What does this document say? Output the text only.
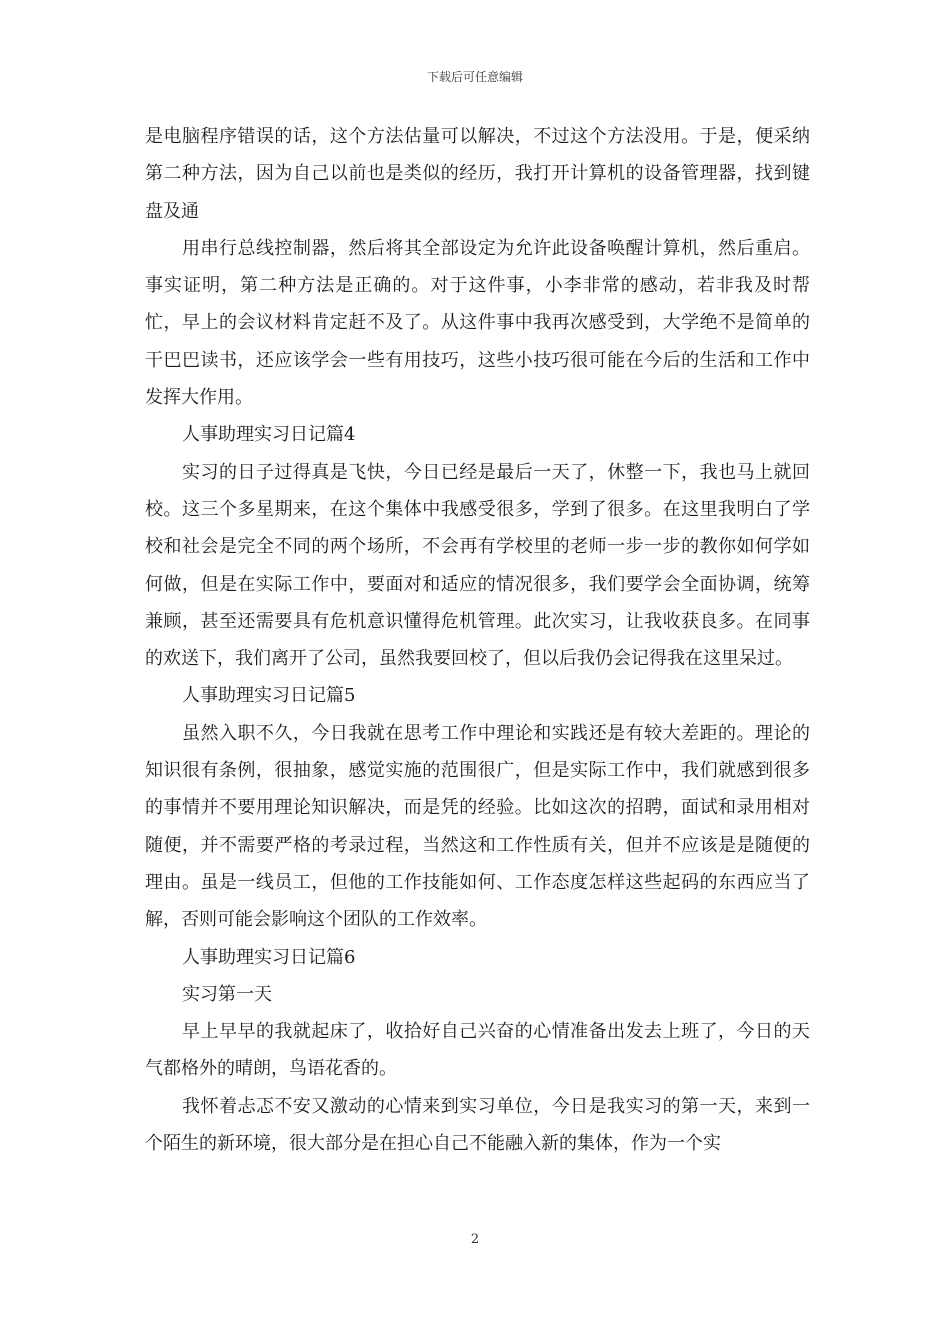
下载后可任意编辑

是电脑程序错误的话，这个方法估量可以解决，不过这个方法没用。于是，便采纳第二种方法，因为自己以前也是类似的经历，我打开计算机的设备管理器，找到键盘及通

用串行总线控制器，然后将其全部设定为允许此设备唤醒计算机，然后重启。事实证明，第二种方法是正确的。对于这件事，小李非常的感动，若非我及时帮忙，早上的会议材料肯定赶不及了。从这件事中我再次感受到，大学绝不是简单的干巴巴读书，还应该学会一些有用技巧，这些小技巧很可能在今后的生活和工作中发挥大作用。

人事助理实习日记篇4

实习的日子过得真是飞快，今日已经是最后一天了，休整一下，我也马上就回校。这三个多星期来，在这个集体中我感受很多，学到了很多。在这里我明白了学校和社会是完全不同的两个场所，不会再有学校里的老师一步一步的教你如何学如何做，但是在实际工作中，要面对和适应的情况很多，我们要学会全面协调，统筹兼顾，甚至还需要具有危机意识懂得危机管理。此次实习，让我收获良多。在同事的欢送下，我们离开了公司，虽然我要回校了，但以后我仍会记得我在这里呆过。

人事助理实习日记篇5

虽然入职不久，今日我就在思考工作中理论和实践还是有较大差距的。理论的知识很有条例，很抽象，感觉实施的范围很广，但是实际工作中，我们就感到很多的事情并不要用理论知识解决，而是凭的经验。比如这次的招聘，面试和录用相对随便，并不需要严格的考录过程，当然这和工作性质有关，但并不应该是是随便的理由。虽是一线员工，但他的工作技能如何、工作态度怎样这些起码的东西应当了解，否则可能会影响这个团队的工作效率。

人事助理实习日记篇6

实习第一天

早上早早的我就起床了，收拾好自己兴奋的心情准备出发去上班了，今日的天气都格外的晴朗，鸟语花香的。

我怀着忐忑不安又激动的心情来到实习单位，今日是我实习的第一天，来到一个陌生的新环境，很大部分是在担心自己不能融入新的集体，作为一个实

2
